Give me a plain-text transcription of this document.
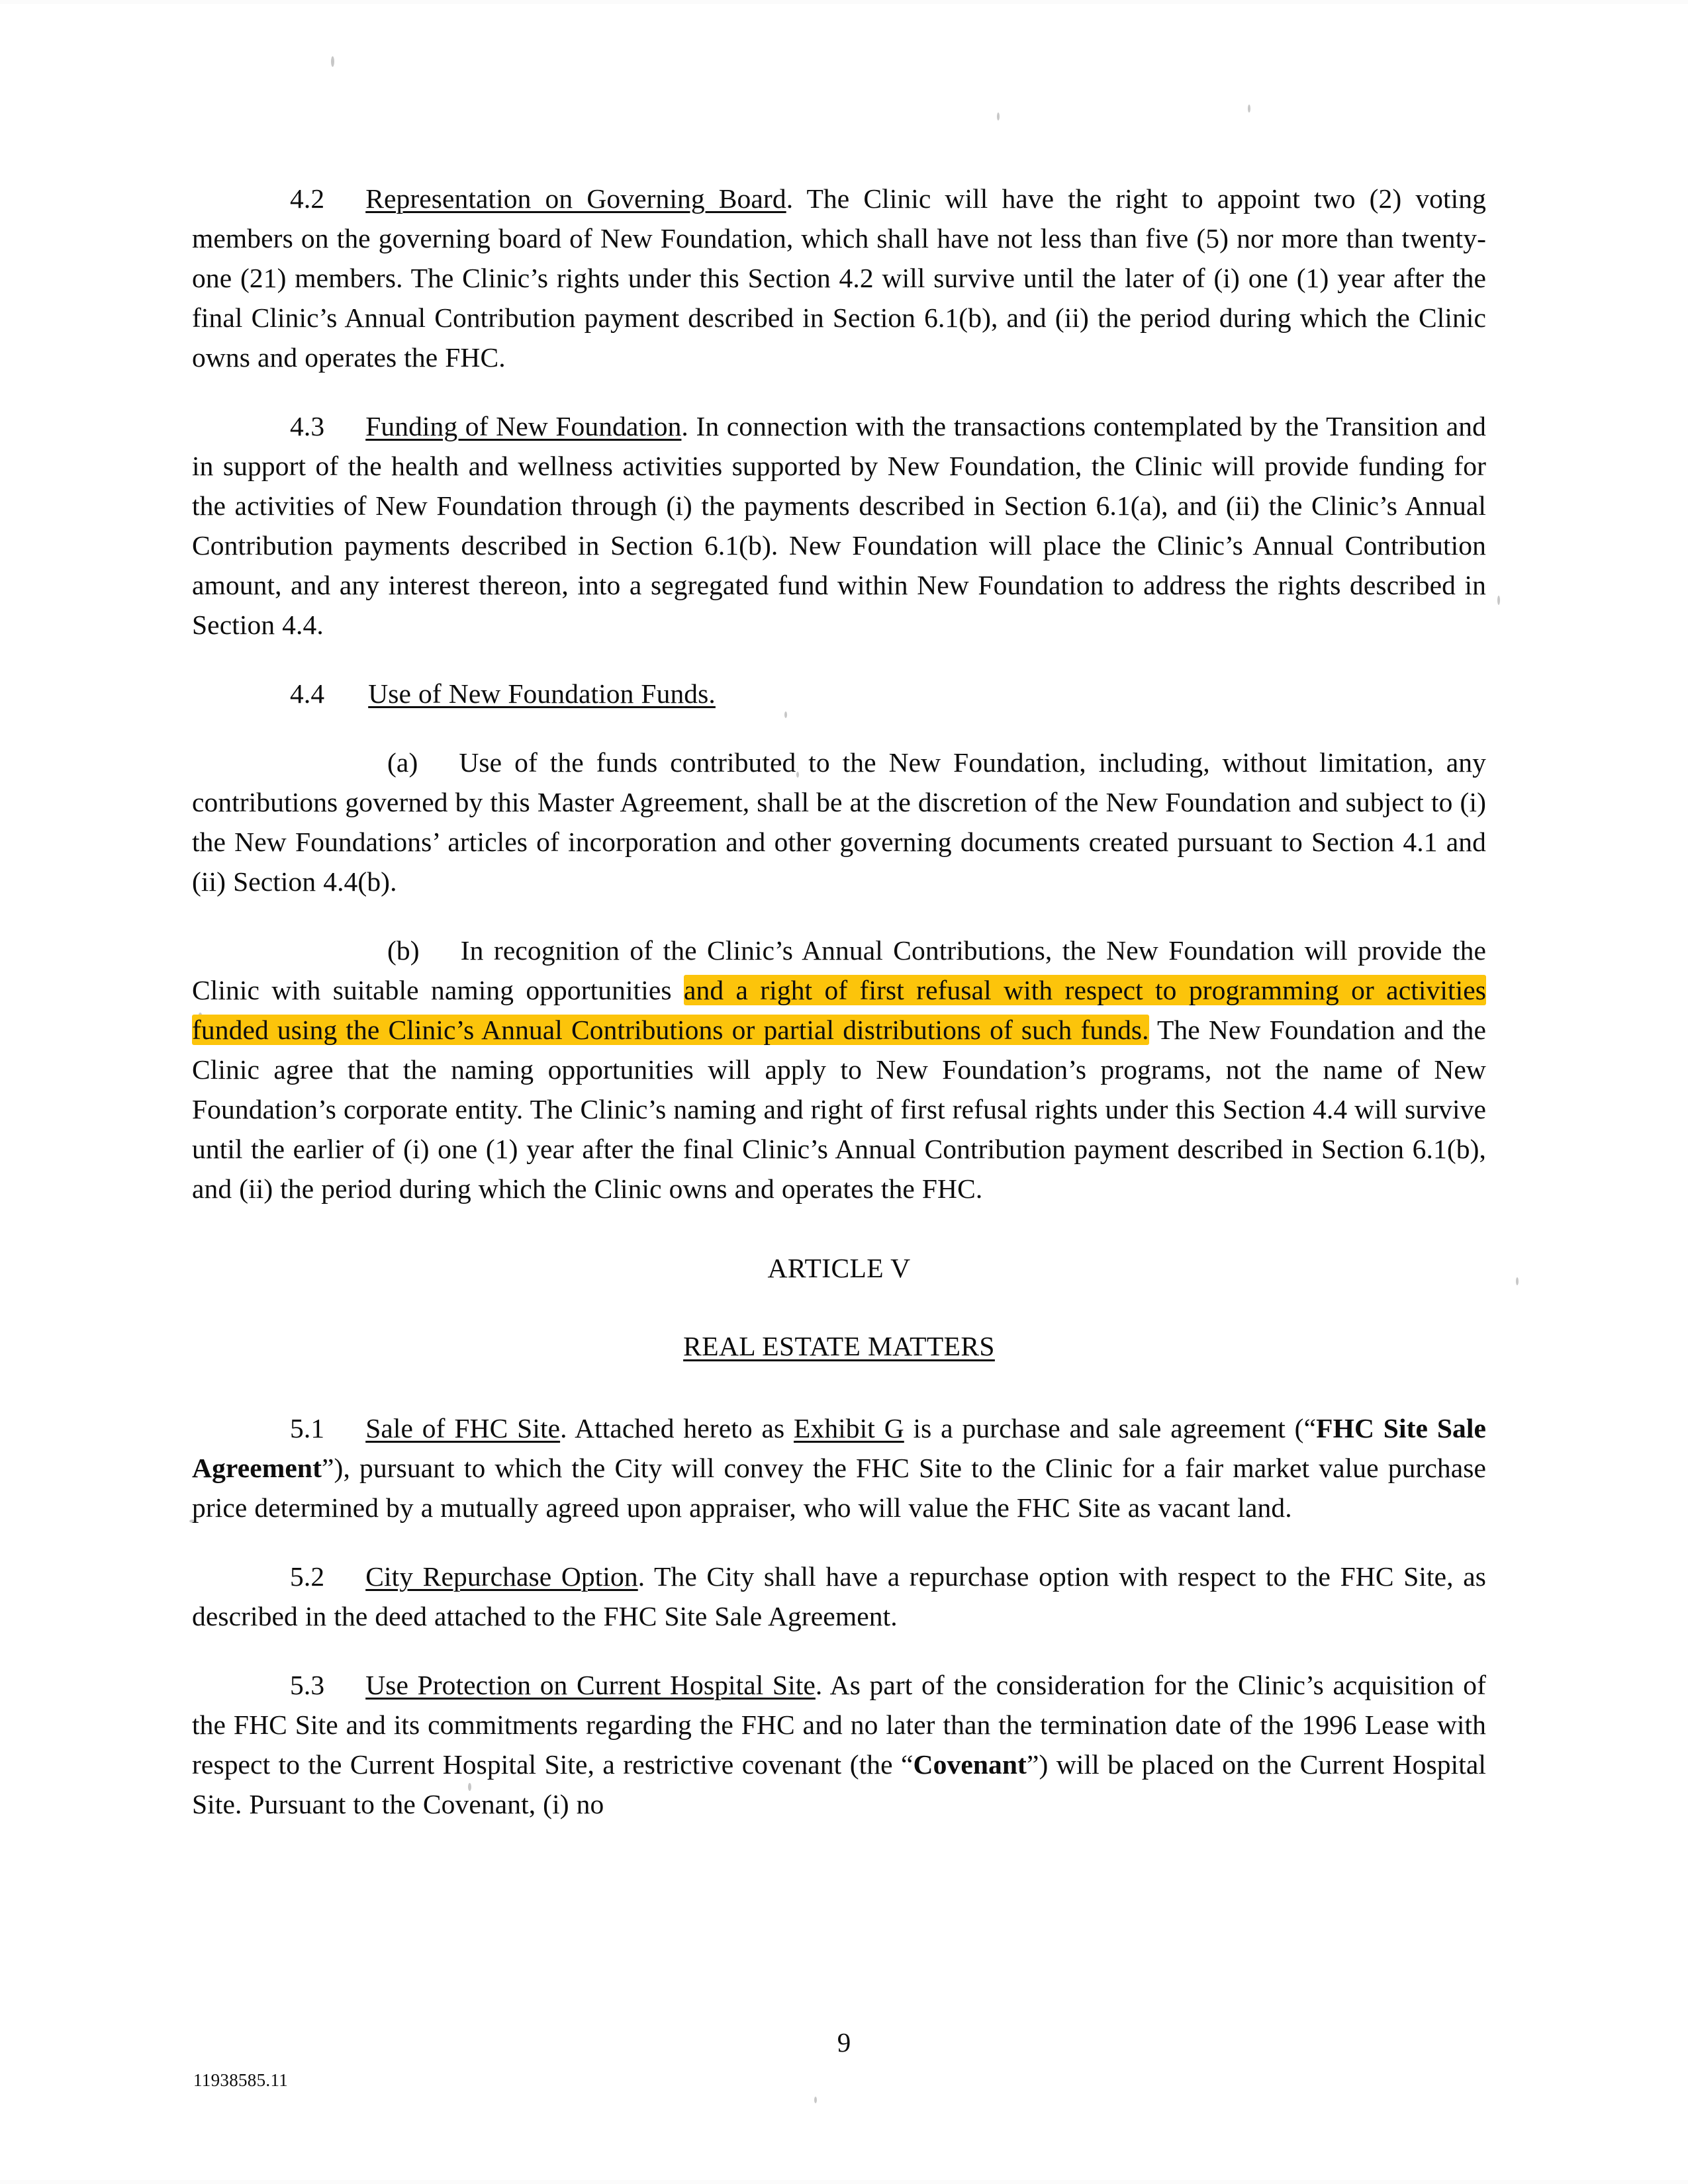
4.2 Representation on Governing Board. The Clinic will have the right to appoint two (2) voting members on the governing board of New Foundation, which shall have not less than five (5) nor more than twenty-one (21) members. The Clinic’s rights under this Section 4.2 will survive until the later of (i) one (1) year after the final Clinic’s Annual Contribution payment described in Section 6.1(b), and (ii) the period during which the Clinic owns and operates the FHC.

4.3 Funding of New Foundation. In connection with the transactions contemplated by the Transition and in support of the health and wellness activities supported by New Foundation, the Clinic will provide funding for the activities of New Foundation through (i) the payments described in Section 6.1(a), and (ii) the Clinic’s Annual Contribution payments described in Section 6.1(b). New Foundation will place the Clinic’s Annual Contribution amount, and any interest thereon, into a segregated fund within New Foundation to address the rights described in Section 4.4.

4.4 Use of New Foundation Funds.

(a) Use of the funds contributed to the New Foundation, including, without limitation, any contributions governed by this Master Agreement, shall be at the discretion of the New Foundation and subject to (i) the New Foundations’ articles of incorporation and other governing documents created pursuant to Section 4.1 and (ii) Section 4.4(b).

(b) In recognition of the Clinic’s Annual Contributions, the New Foundation will provide the Clinic with suitable naming opportunities and a right of first refusal with respect to programming or activities funded using the Clinic’s Annual Contributions or partial distributions of such funds. The New Foundation and the Clinic agree that the naming opportunities will apply to New Foundation’s programs, not the name of New Foundation’s corporate entity. The Clinic’s naming and right of first refusal rights under this Section 4.4 will survive until the earlier of (i) one (1) year after the final Clinic’s Annual Contribution payment described in Section 6.1(b), and (ii) the period during which the Clinic owns and operates the FHC.

ARTICLE V

REAL ESTATE MATTERS

5.1 Sale of FHC Site. Attached hereto as Exhibit G is a purchase and sale agreement (“FHC Site Sale Agreement”), pursuant to which the City will convey the FHC Site to the Clinic for a fair market value purchase price determined by a mutually agreed upon appraiser, who will value the FHC Site as vacant land.

5.2 City Repurchase Option. The City shall have a repurchase option with respect to the FHC Site, as described in the deed attached to the FHC Site Sale Agreement.

5.3 Use Protection on Current Hospital Site. As part of the consideration for the Clinic’s acquisition of the FHC Site and its commitments regarding the FHC and no later than the termination date of the 1996 Lease with respect to the Current Hospital Site, a restrictive covenant (the “Covenant”) will be placed on the Current Hospital Site. Pursuant to the Covenant, (i) no

9
11938585.11
